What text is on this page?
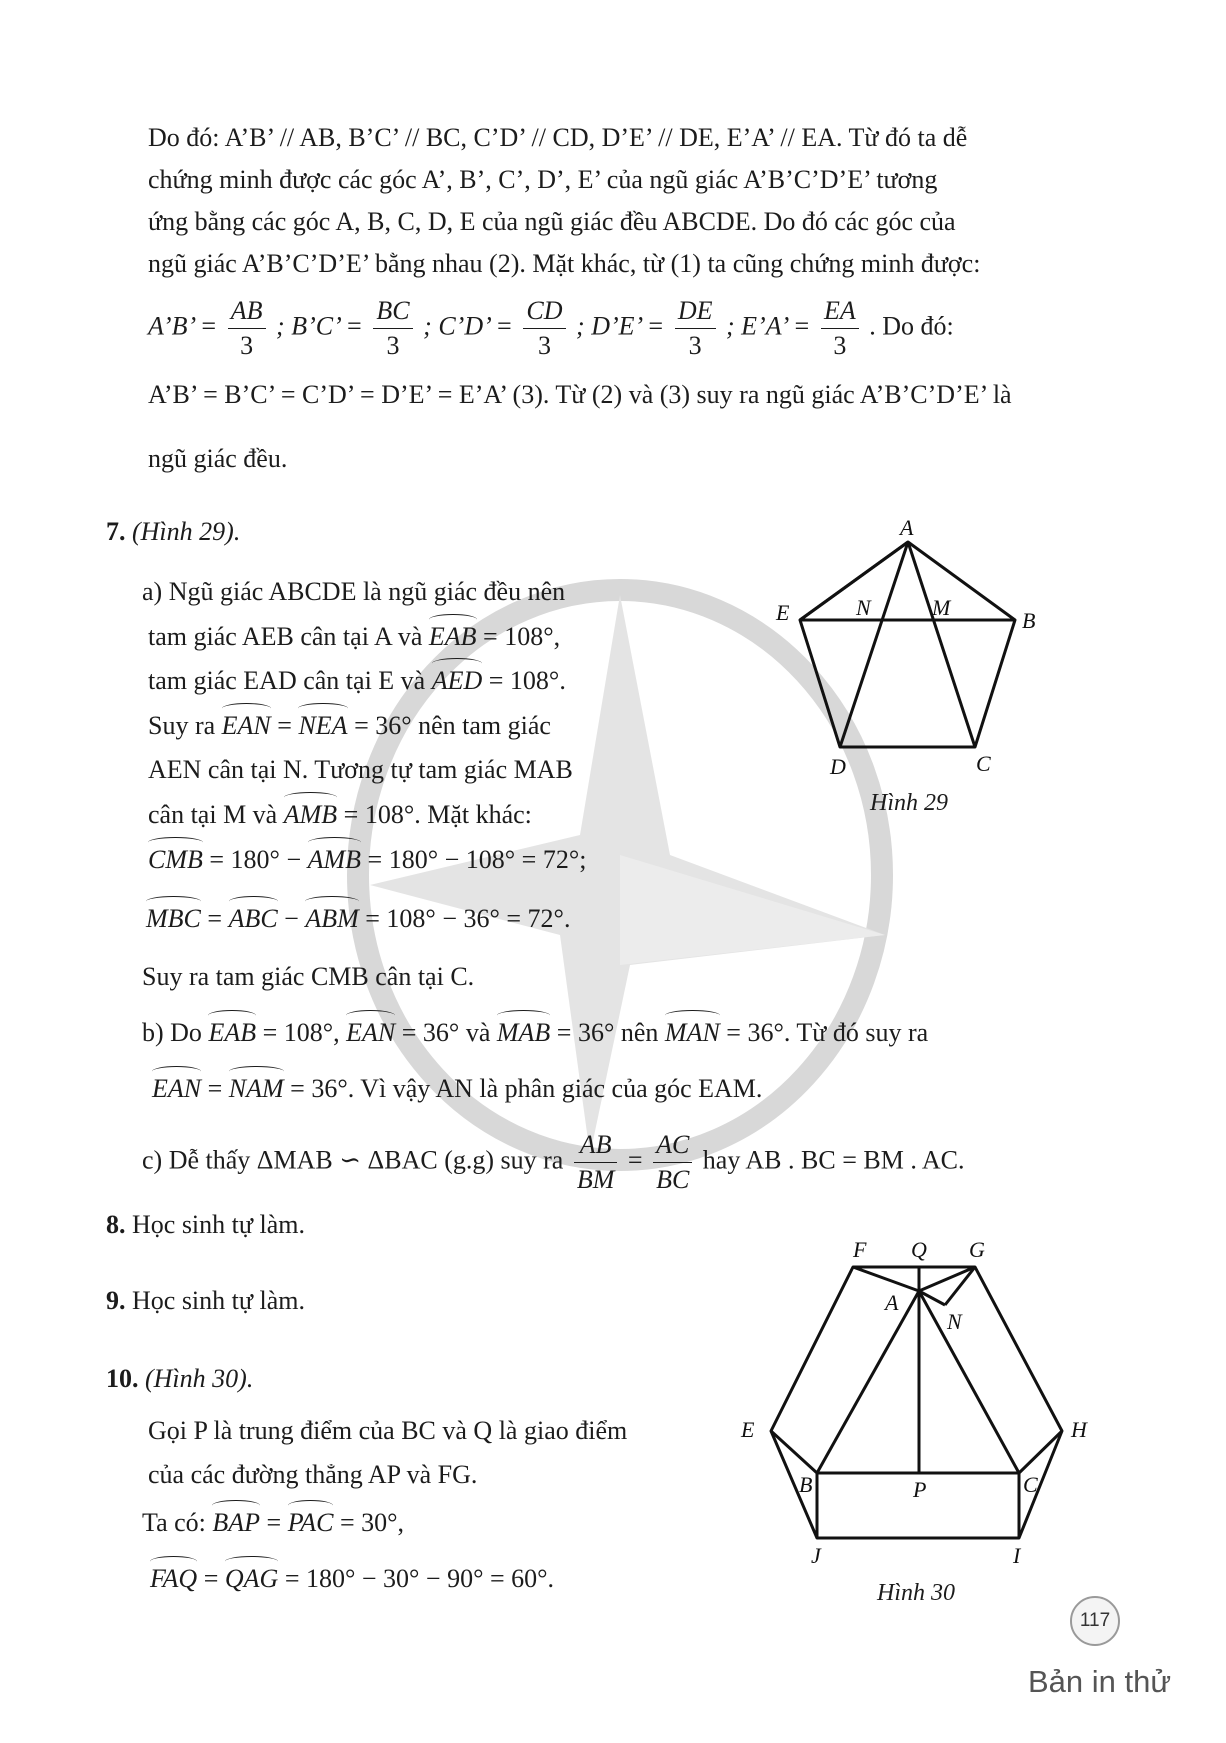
Do đó: A’B’ // AB, B’C’ // BC, C’D’ // CD, D’E’ // DE, E’A’ // EA. Từ đó ta dễ
chứng minh được các góc A’, B’, C’, D’, E’ của ngũ giác A’B’C’D’E’ tương
ứng bằng các góc A, B, C, D, E của ngũ giác đều ABCDE. Do đó các góc của
ngũ giác A’B’C’D’E’ bằng nhau (2). Mặt khác, từ (1) ta cũng chứng minh được:
A’B’ = $\frac{AB}{3}$ ; B’C’ = $\frac{BC}{3}$ ; C’D’ = $\frac{CD}{3}$ ; D’E’ = $\frac{DE}{3}$ ; E’A’ = $\frac{EA}{3}$ . Do đó:
A’B’ = B’C’ = C’D’ = D’E’ = E’A’ (3). Từ (2) và (3) suy ra ngũ giác A’B’C’D’E’ là
ngũ giác đều.
7. (Hình 29).
a) Ngũ giác ABCDE là ngũ giác đều nên
tam giác AEB cân tại A và EAB = 108°,
tam giác EAD cân tại E và AED = 108°.
Suy ra EAN = NEA = 36° nên tam giác
AEN cân tại N. Tương tự tam giác MAB
cân tại M và AMB = 108°. Mặt khác:
CMB = 180° − AMB = 180° − 108° = 72°;
MBC = ABC − ABM = 108° − 36° = 72°.
Suy ra tam giác CMB cân tại C.
b) Do EAB = 108°, EAN = 36° và MAB = 36° nên MAN = 36°. Từ đó suy ra
EAN = NAM = 36°. Vì vậy AN là phân giác của góc EAM.
c) Dễ thấy ΔMAB ∽ ΔBAC (g.g) suy ra $\frac{AB}{BM} = \frac{AC}{BC}$ hay AB . BC = BM . AC.
8. Học sinh tự làm.
9. Học sinh tự làm.
10. (Hình 30).
Gọi P là trung điểm của BC và Q là giao điểm
của các đường thẳng AP và FG.
Ta có: BAP = PAC = 30°,
FAQ = QAG = 180° − 30° − 90° = 60°.
A
B
C
D
E	N	M
Hình 29
F Q G
A
N
E	H
B	P	C
J	I
Hình 30
117
Bản in thử
